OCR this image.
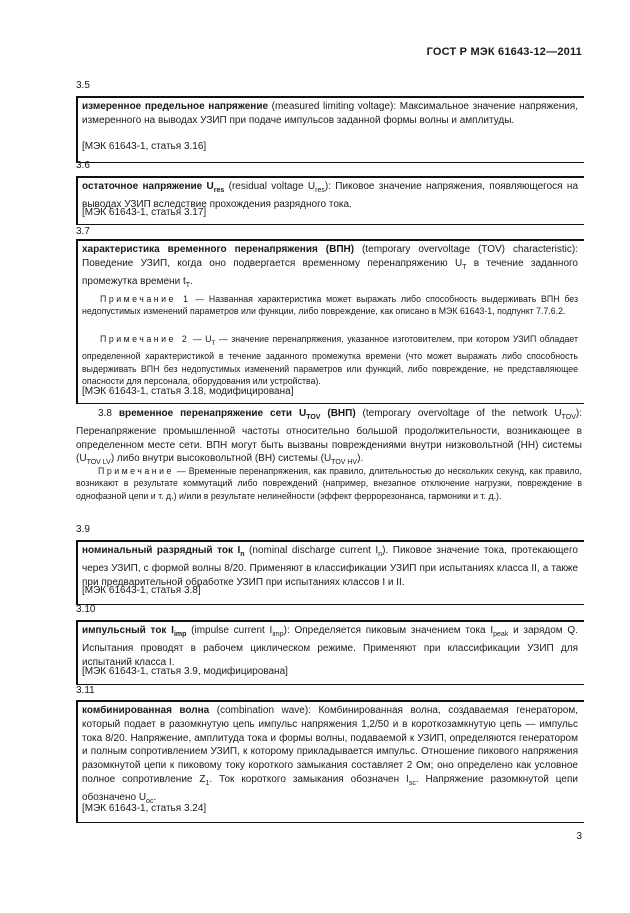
ГОСТ Р МЭК 61643-12—2011
3.5
измеренное предельное напряжение (measured limiting voltage): Максимальное значение напряжения, измеренного на выводах УЗИП при подаче импульсов заданной формы волны и амплитуды.
[МЭК 61643-1, статья 3.16]
3.6
остаточное напряжение $U_{res}$ (residual voltage $U_{res}$): Пиковое значение напряжения, появляющегося на выводах УЗИП вследствие прохождения разрядного тока.
[МЭК 61643-1, статья 3.17]
3.7
характеристика временного перенапряжения (ВПН) (temporary overvoltage (TOV) characteristic): Поведение УЗИП, когда оно подвергается временному перенапряжению $U_T$ в течение заданного промежутка времени $t_T$.
Примечание 1 — Названная характеристика может выражать либо способность выдерживать ВПН без недопустимых изменений параметров или функции, либо повреждение, как описано в МЭК 61643-1, подпункт 7.7.6.2.
Примечание 2 — $U_T$ — значение перенапряжения, указанное изготовителем, при котором УЗИП обладает определенной характеристикой в течение заданного промежутка времени (что может выражать либо способность выдерживать ВПН без недопустимых изменений параметров или функций, либо повреждение, не представляющее опасности для персонала, оборудования или устройства).
[МЭК 61643-1, статья 3.18, модифицирована]
3.8 временное перенапряжение сети $U_{TOV}$ (ВНП) (temporary overvoltage of the network $U_{TOV}$): Перенапряжение промышленной частоты относительно большой продолжительности, возникающее в определенном месте сети. ВПН могут быть вызваны повреждениями внутри низковольтной (НН) системы $(U_{TOV LV})$ либо внутри высоковольтной (ВН) системы $(U_{TOV HV})$.
Примечание — Временные перенапряжения, как правило, длительностью до нескольких секунд, как правило, возникают в результате коммутаций либо повреждений (например, внезапное отключение нагрузки, повреждение в однофазной цепи и т. д.) и/или в результате нелинейности (эффект феррорезонанса, гармоники и т. д.).
3.9
номинальный разрядный ток $I_n$ (nominal discharge current $I_n$). Пиковое значение тока, протекающего через УЗИП, с формой волны 8/20. Применяют в классификации УЗИП при испытаниях класса II, а также при предварительной обработке УЗИП при испытаниях классов I и II.
[МЭК 61643-1, статья 3.8]
3.10
импульсный ток $I_{imp}$ (impulse current $I_{imp}$): Определяется пиковым значением тока $I_{peak}$ и зарядом Q. Испытания проводят в рабочем циклическом режиме. Применяют при классификации УЗИП для испытаний класса I.
[МЭК 61643-1, статья 3.9, модифицирована]
3.11
комбинированная волна (combination wave): Комбинированная волна, создаваемая генератором, который подает в разомкнутую цепь импульс напряжения 1,2/50 и в короткозамкнутую цепь — импульс тока 8/20. Напряжение, амплитуда тока и формы волны, подаваемой к УЗИП, определяются генератором и полным сопротивлением УЗИП, к которому прикладывается импульс. Отношение пикового напряжения разомкнутой цепи к пиковому току короткого замыкания составляет 2 Ом; оно определено как условное полное сопротивление $Z_1$. Ток короткого замыкания обозначен $I_{sc}$. Напряжение разомкнутой цепи обозначено $U_{oc}$.
[МЭК 61643-1, статья 3.24]
3
